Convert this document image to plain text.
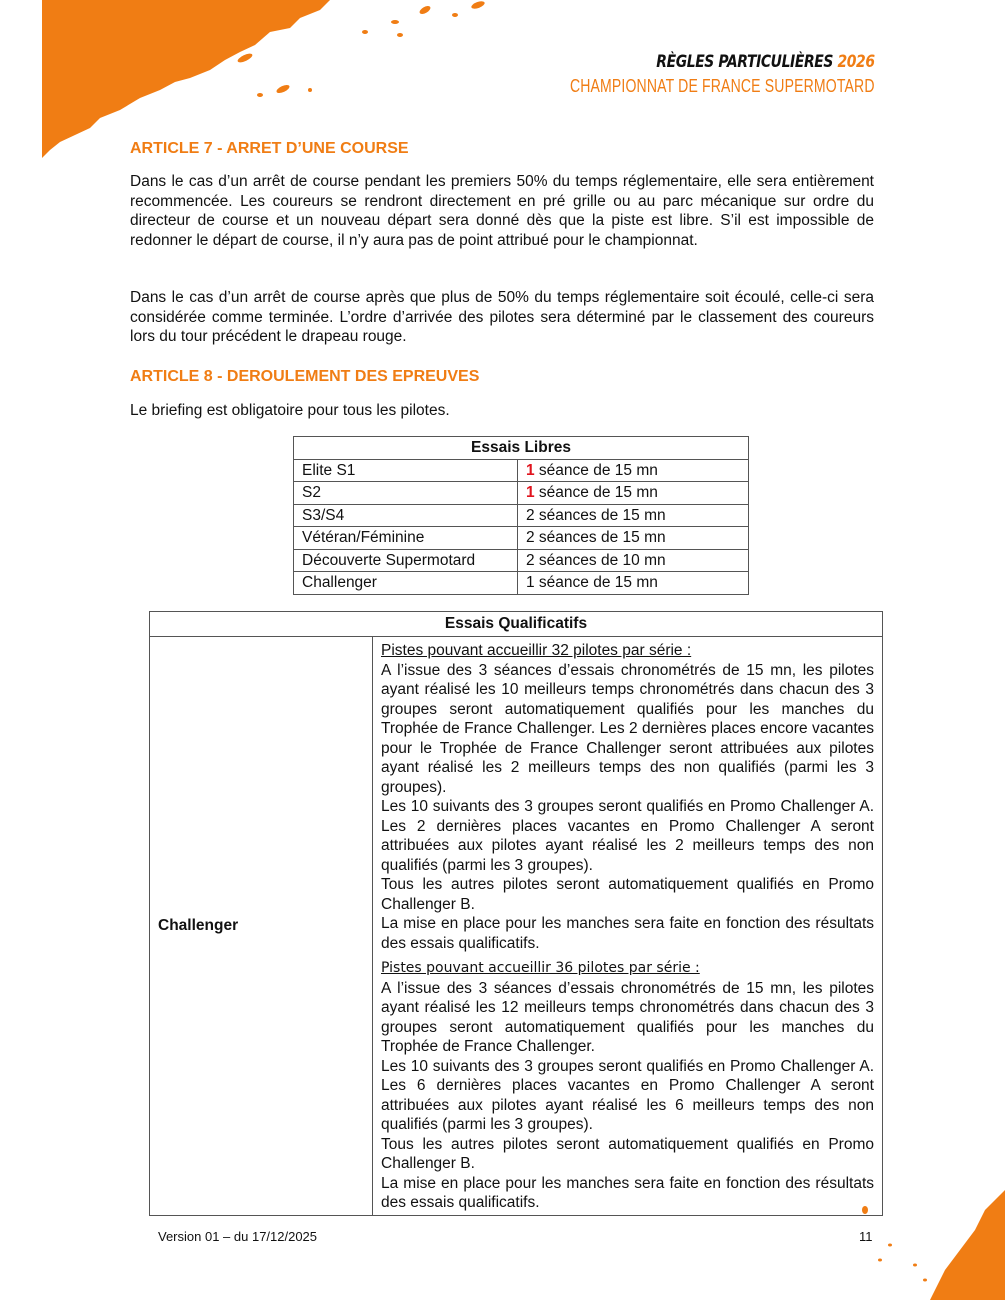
RÈGLES PARTICULIÈRES 2026
CHAMPIONNAT DE FRANCE SUPERMOTARD
ARTICLE 7 - ARRET D’UNE COURSE

Dans le cas d’un arrêt de course pendant les premiers 50% du temps réglementaire, elle sera entièrement recommencée. Les coureurs se rendront directement en pré grille ou au parc mécanique sur ordre du directeur de course et un nouveau départ sera donné dès que la piste est libre. S’il est impossible de redonner le départ de course, il n’y aura pas de point attribué pour le championnat.

Dans le cas d’un arrêt de course après que plus de 50% du temps réglementaire soit écoulé, celle-ci sera considérée comme terminée. L’ordre d’arrivée des pilotes sera déterminé par le classement des coureurs lors du tour précédent le drapeau rouge.

ARTICLE 8 - DEROULEMENT DES EPREUVES

Le briefing est obligatoire pour tous les pilotes.

Essais Libres	
Elite S1	1 séance de 15 mn
S2	1 séance de 15 mn
S3/S4	2 séances de 15 mn
Vétéran/Féminine	2 séances de 15 mn
Découverte Supermotard	2 séances de 10 mn
Challenger	1 séance de 15 mn
Essais Qualificatifs
Challenger	
Pistes pouvant accueillir 32 pilotes par série :
A l’issue des 3 séances d’essais chronométrés de 15 mn, les pilotes ayant réalisé les 10 meilleurs temps chronométrés dans chacun des 3 groupes seront automatiquement qualifiés pour les manches du Trophée de France Challenger. Les 2 dernières places encore vacantes pour le Trophée de France Challenger seront attribuées aux pilotes ayant réalisé les 2 meilleurs temps des non qualifiés (parmi les 3 groupes).
Les 10 suivants des 3 groupes seront qualifiés en Promo Challenger A. Les 2 dernières places vacantes en Promo Challenger A seront attribuées aux pilotes ayant réalisé les 2 meilleurs temps des non qualifiés (parmi les 3 groupes).
Tous les autres pilotes seront automatiquement qualifiés en Promo Challenger B.
La mise en place pour les manches sera faite en fonction des résultats des essais qualificatifs.
Pistes pouvant accueillir 36 pilotes par série :
A l’issue des 3 séances d’essais chronométrés de 15 mn, les pilotes ayant réalisé les 12 meilleurs temps chronométrés dans chacun des 3 groupes seront automatiquement qualifiés pour les manches du Trophée de France Challenger.
Les 10 suivants des 3 groupes seront qualifiés en Promo Challenger A. Les 6 dernières places vacantes en Promo Challenger A seront attribuées aux pilotes ayant réalisé les 6 meilleurs temps des non qualifiés (parmi les 3 groupes).
Tous les autres pilotes seront automatiquement qualifiés en Promo Challenger B.
La mise en place pour les manches sera faite en fonction des résultats des essais qualificatifs.
Version 01 – du 17/12/2025	11
